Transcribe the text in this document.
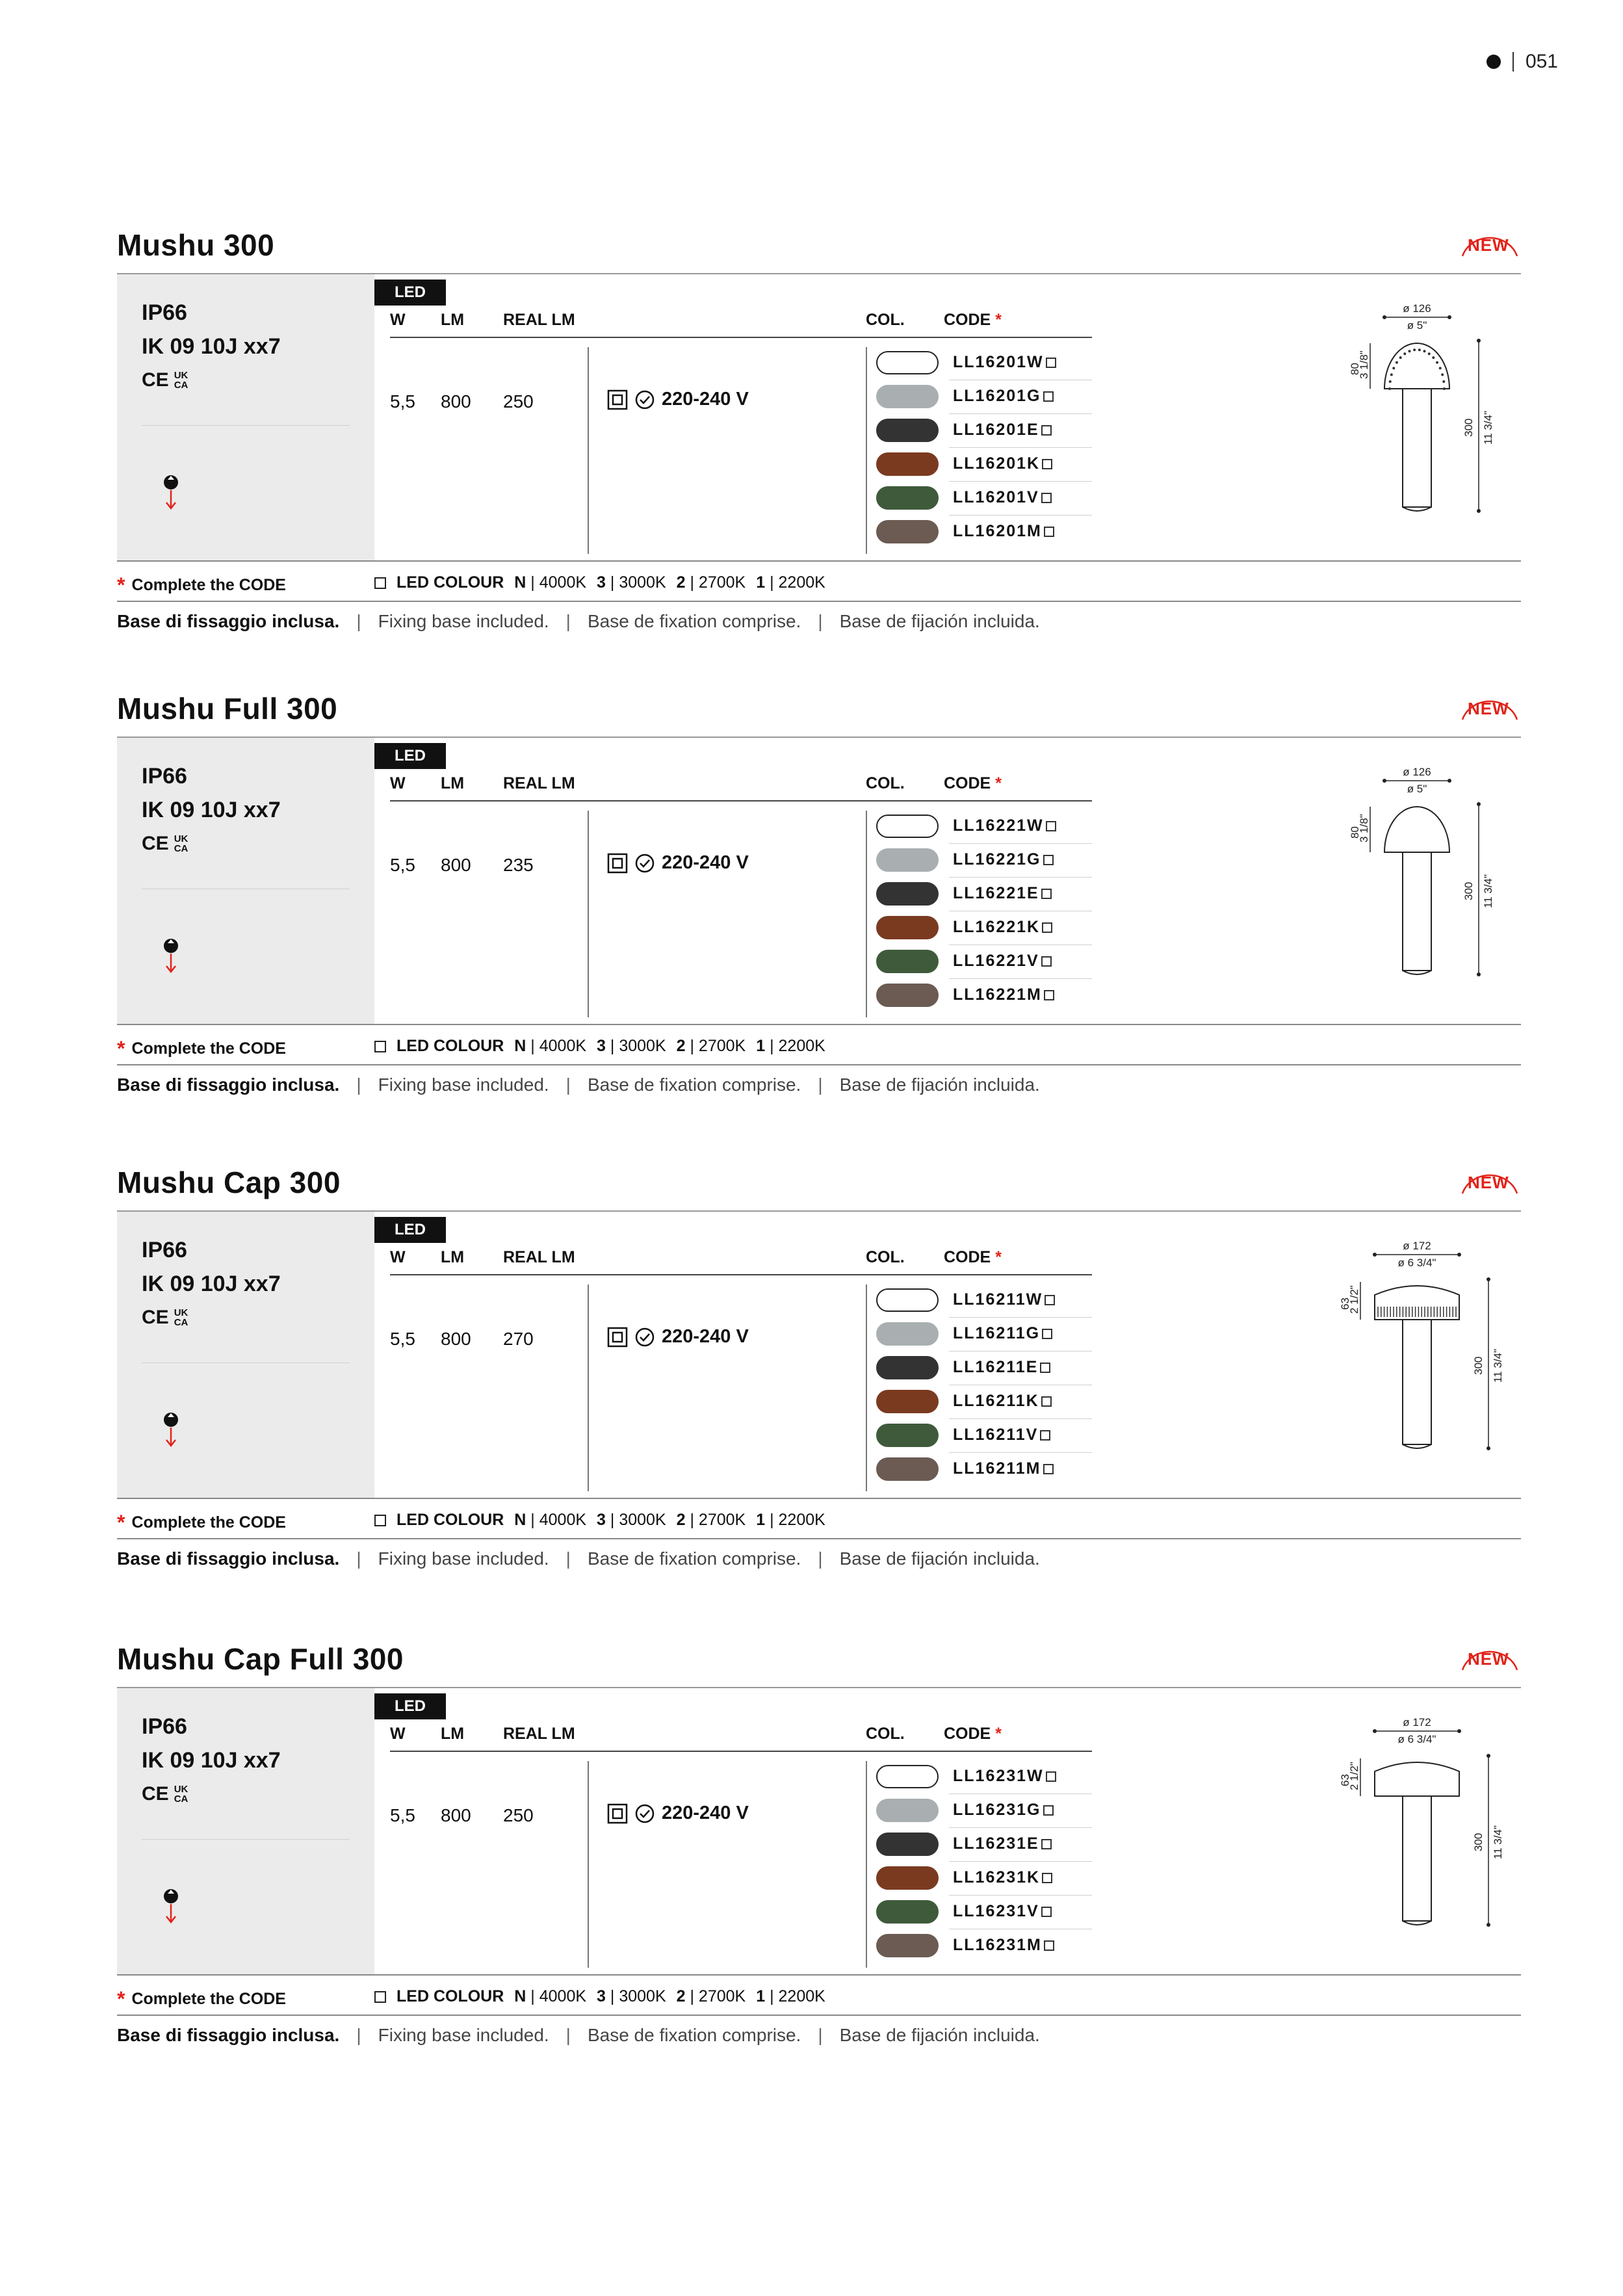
051
Mushu 300	NEW
IP66
IK 09 10J xx7
CE UK CA
LED
W LM REAL LM	COL. CODE *
5,5 800 250	220-240 V
LL16201W
LL16201G
LL16201E
LL16201K
LL16201V
LL16201M
ø 126
ø 5"
80
3 1/8"
300 11 3/4"
* Complete the CODE	LED COLOUR N | 4000K 3 | 3000K 2 | 2700K 1 | 2200K
Base di fissaggio inclusa. | Fixing base included. | Base de fixation comprise. | Base de fijación incluida.
Mushu Full 300	NEW
IP66
IK 09 10J xx7
CE UK CA
LED
W LM REAL LM	COL. CODE *
5,5 800 235	220-240 V
LL16221W
LL16221G
LL16221E
LL16221K
LL16221V
LL16221M
ø 126
ø 5"
80
3 1/8"
300 11 3/4"
* Complete the CODE	LED COLOUR N | 4000K 3 | 3000K 2 | 2700K 1 | 2200K
Base di fissaggio inclusa. | Fixing base included. | Base de fixation comprise. | Base de fijación incluida.
Mushu Cap 300	NEW
IP66
IK 09 10J xx7
CE UK CA
LED
W LM REAL LM	COL. CODE *
5,5 800 270	220-240 V
LL16211W
LL16211G
LL16211E
LL16211K
LL16211V
LL16211M
ø 172
ø 6 3/4"
63
2 1/2"
300 11 3/4"
* Complete the CODE	LED COLOUR N | 4000K 3 | 3000K 2 | 2700K 1 | 2200K
Base di fissaggio inclusa. | Fixing base included. | Base de fixation comprise. | Base de fijación incluida.
Mushu Cap Full 300	NEW
IP66
IK 09 10J xx7
CE UK CA
LED
W LM REAL LM	COL. CODE *
5,5 800 250	220-240 V
LL16231W
LL16231G
LL16231E
LL16231K
LL16231V
LL16231M
ø 172
ø 6 3/4"
63
2 1/2"
300 11 3/4"
* Complete the CODE	LED COLOUR N | 4000K 3 | 3000K 2 | 2700K 1 | 2200K
Base di fissaggio inclusa. | Fixing base included. | Base de fixation comprise. | Base de fijación incluida.
